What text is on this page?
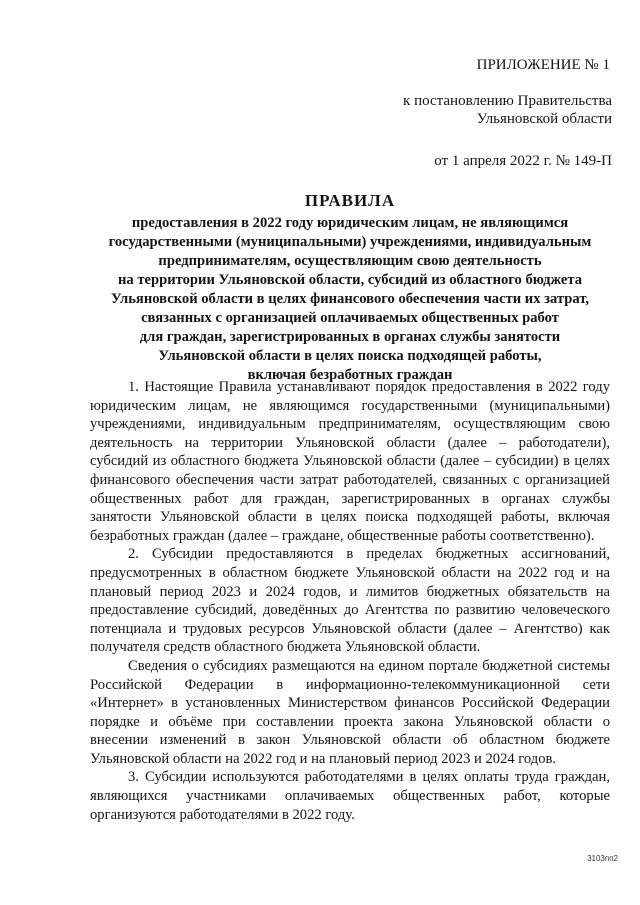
ПРИЛОЖЕНИЕ № 1
к постановлению Правительства
Ульяновской области
от 1 апреля 2022 г. № 149-П
ПРАВИЛА
предоставления в 2022 году юридическим лицам, не являющимся
государственными (муниципальными) учреждениями, индивидуальным
предпринимателям, осуществляющим свою деятельность
на территории Ульяновской области, субсидий из областного бюджета
Ульяновской области в целях финансового обеспечения части их затрат,
связанных с организацией оплачиваемых общественных работ
для граждан, зарегистрированных в органах службы занятости
Ульяновской области в целях поиска подходящей работы,
включая безработных граждан

1. Настоящие Правила устанавливают порядок предоставления в 2022 году юридическим лицам, не являющимся государственными (муниципальными) учреждениями, индивидуальным предпринимателям, осуществляющим свою деятельность на территории Ульяновской области (далее – работодатели), субсидий из областного бюджета Ульяновской области (далее – субсидии) в целях финансового обеспечения части затрат работодателей, связанных с организацией общественных работ для граждан, зарегистрированных в органах службы занятости Ульяновской области в целях поиска подходящей работы, включая безработных граждан (далее – граждане, общественные работы соответственно).

2. Субсидии предоставляются в пределах бюджетных ассигнований, предусмотренных в областном бюджете Ульяновской области на 2022 год и на плановый период 2023 и 2024 годов, и лимитов бюджетных обязательств на предоставление субсидий, доведённых до Агентства по развитию человеческого потенциала и трудовых ресурсов Ульяновской области (далее – Агентство) как получателя средств областного бюджета Ульяновской области.

Сведения о субсидиях размещаются на едином портале бюджетной системы Российской Федерации в информационно-телекоммуникационной сети «Интернет» в установленных Министерством финансов Российской Федерации порядке и объёме при составлении проекта закона Ульяновской области о внесении изменений в закон Ульяновской области об областном бюджете Ульяновской области на 2022 год и на плановый период 2023 и 2024 годов.

3. Субсидии используются работодателями в целях оплаты труда граждан, являющихся участниками оплачиваемых общественных работ, которые организуются работодателями в 2022 году.

3103пп2
